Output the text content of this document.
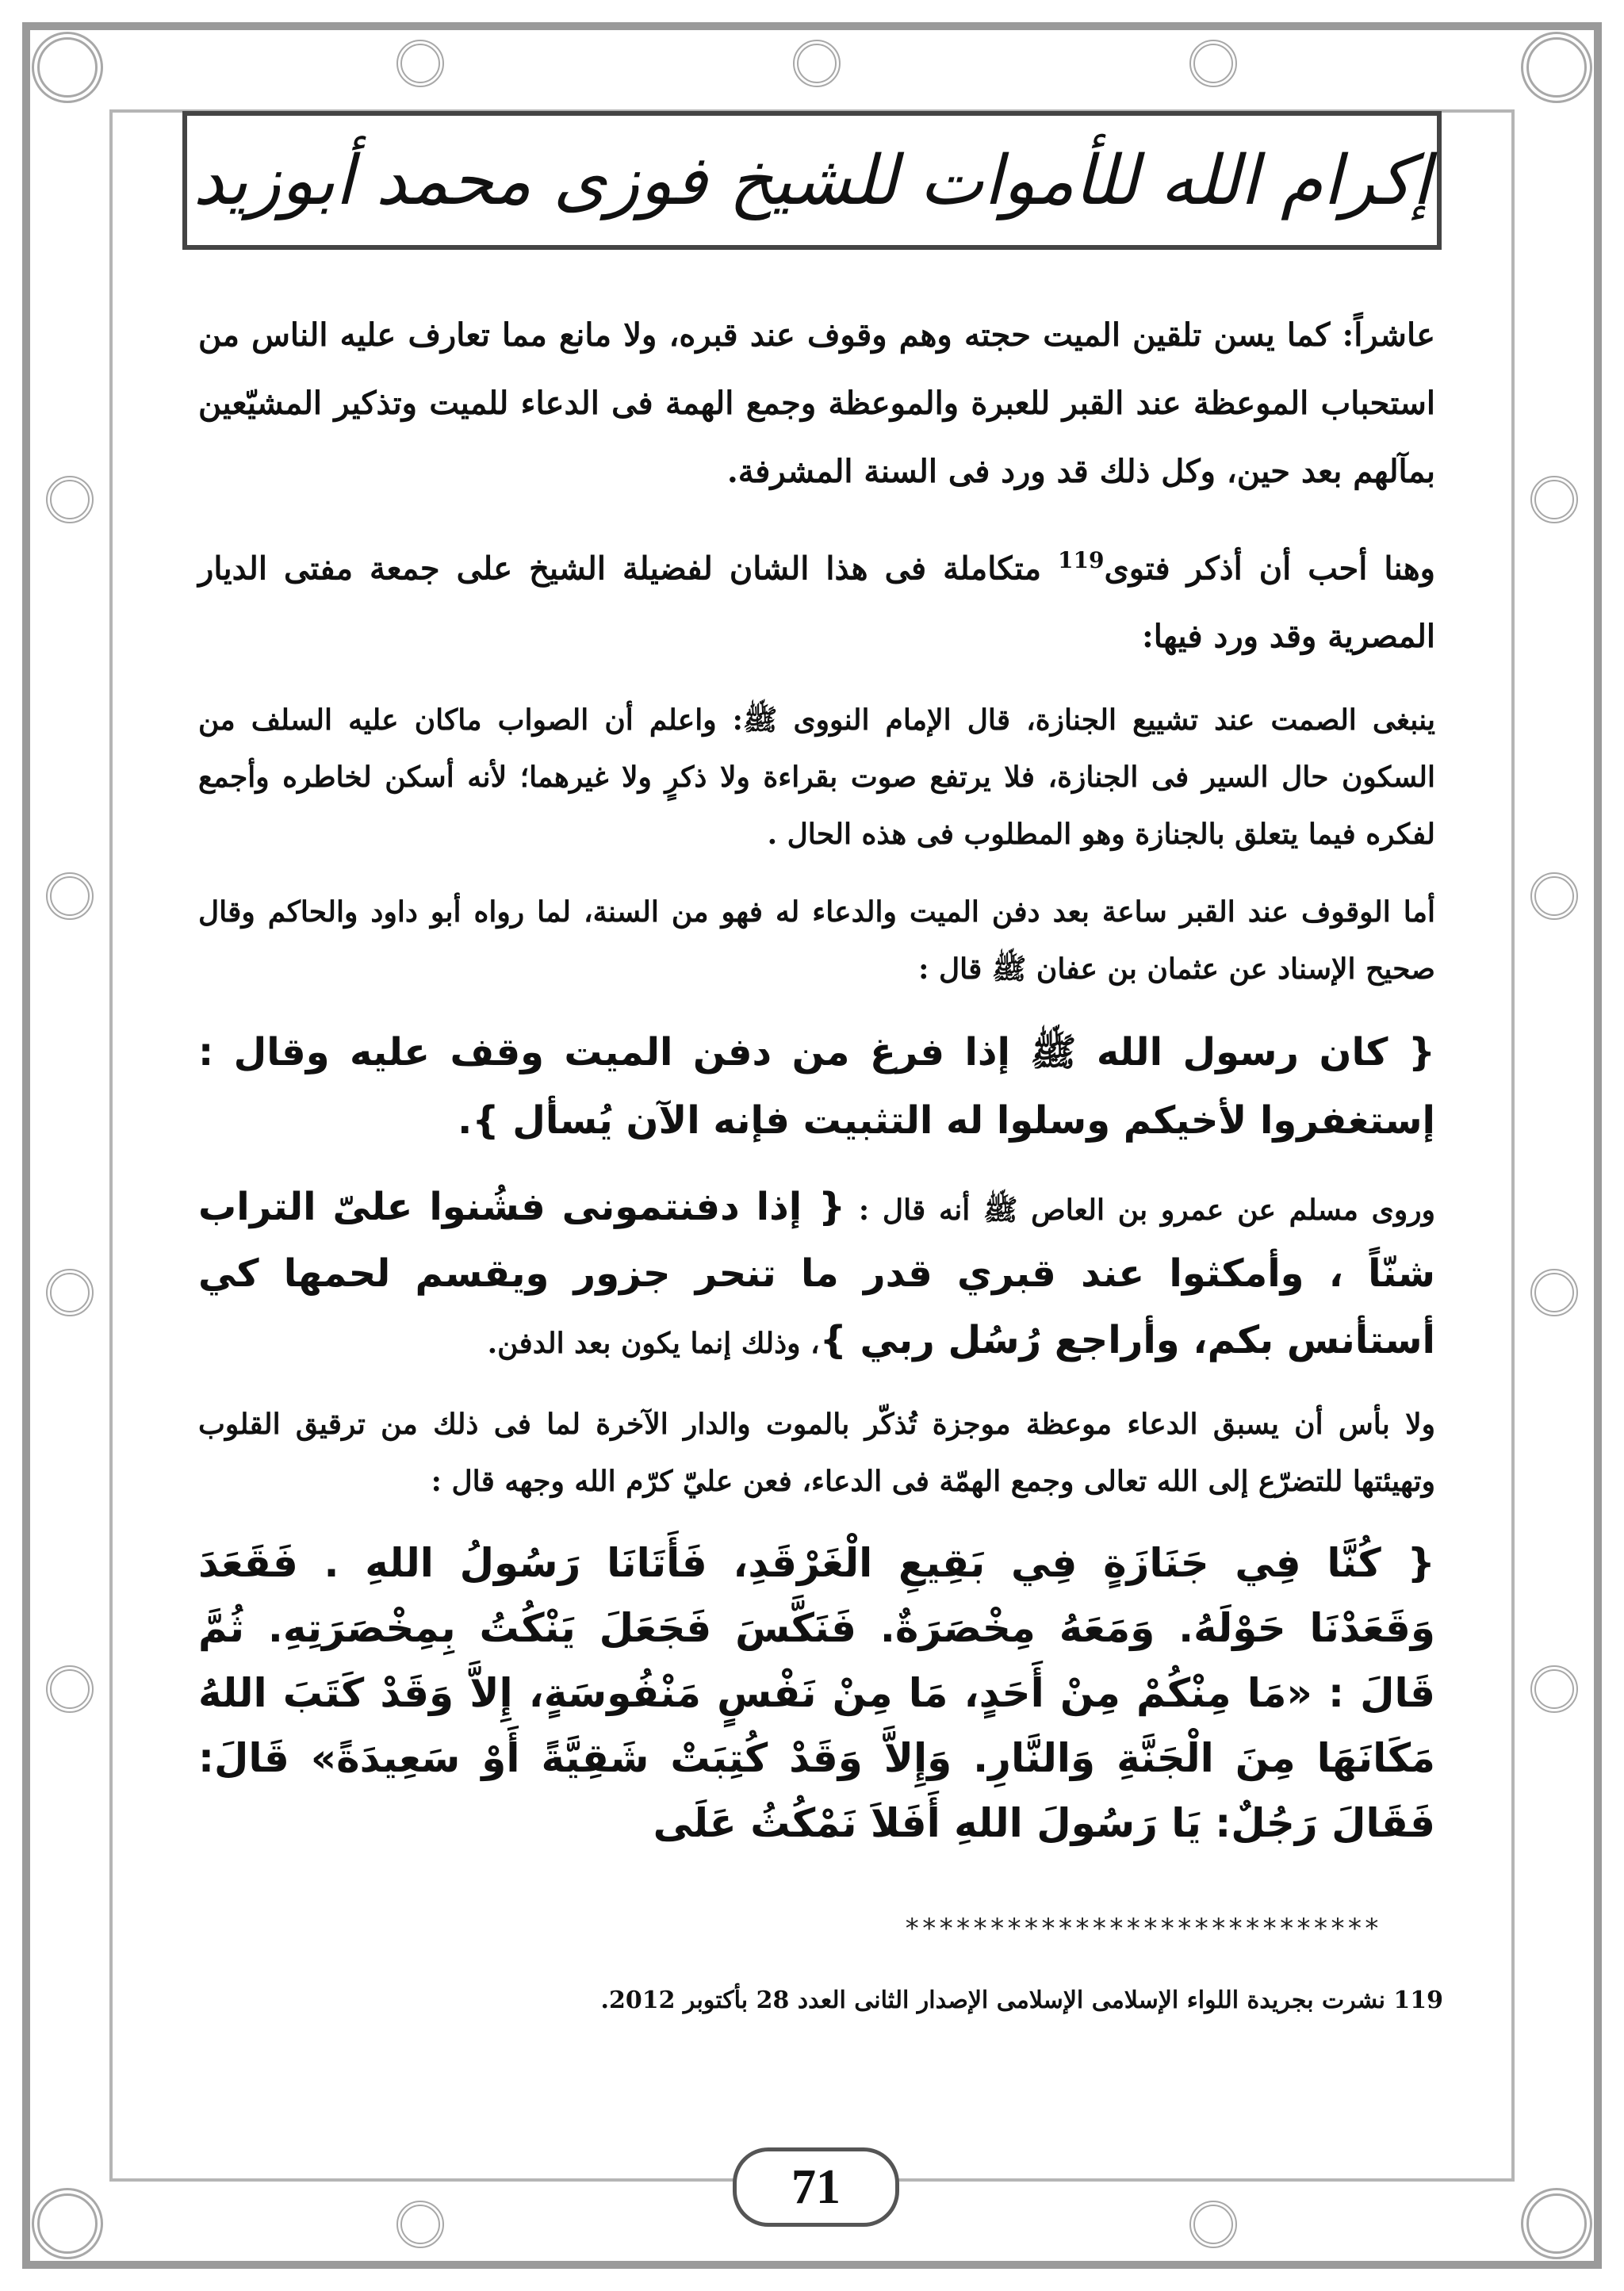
إكرام الله للأموات للشيخ فوزى محمد أبوزيد

عاشراً: كما يسن تلقين الميت حجته وهم وقوف عند قبره، ولا مانع مما تعارف عليه الناس من استحباب الموعظة عند القبر للعبرة والموعظة وجمع الهمة فى الدعاء للميت وتذكير المشيّعين بمآلهم بعد حين، وكل ذلك قد ورد فى السنة المشرفة.

وهنا أحب أن أذكر فتوى$^{119}$ متكاملة فى هذا الشان لفضيلة الشيخ على جمعة مفتى الديار المصرية وقد ورد فيها:

ينبغى الصمت عند تشييع الجنازة، قال الإمام النووى ﷺ: واعلم أن الصواب ماكان عليه السلف من السكون حال السير فى الجنازة، فلا يرتفع صوت بقراءة ولا ذكرٍ ولا غيرهما؛ لأنه أسكن لخاطره وأجمع لفكره فيما يتعلق بالجنازة وهو المطلوب فى هذه الحال .

أما الوقوف عند القبر ساعة بعد دفن الميت والدعاء له فهو من السنة، لما رواه أبو داود والحاكم وقال صحيح الإسناد عن عثمان بن عفان ﷺ قال :

{ كان رسول الله ﷺ إذا فرغ من دفن الميت وقف عليه وقال : إستغفروا لأخيكم وسلوا له التثبيت فإنه الآن يُسأل }.

وروى مسلم عن عمرو بن العاص ﷺ أنه قال : { إذا دفنتمونى فشُنوا علىّ التراب شنّاً ، وأمكثوا عند قبري قدر ما تنحر جزور ويقسم لحمها كي أستأنس بكم، وأراجع رُسُل ربي }، وذلك إنما يكون بعد الدفن.

ولا بأس أن يسبق الدعاء موعظة موجزة تُذكّر بالموت والدار الآخرة لما فى ذلك من ترقيق القلوب وتهيئتها للتضرّع إلى الله تعالى وجمع الهمّة فى الدعاء، فعن عليّ كرّم الله وجهه قال :

{ كُنَّا فِي جَنَازَةٍ فِي بَقِيعِ الْغَرْقَدِ، فَأَتَانَا رَسُولُ اللهِ . فَقَعَدَ وَقَعَدْنَا حَوْلَهُ. وَمَعَهُ مِخْصَرَةٌ. فَنَكَّسَ فَجَعَلَ يَنْكُتُ بِمِخْصَرَتِهِ. ثُمَّ قَالَ : «مَا مِنْكُمْ مِنْ أَحَدٍ، مَا مِنْ نَفْسٍ مَنْفُوسَةٍ، إِلاَّ وَقَدْ كَتَبَ اللهُ مَكَانَهَا مِنَ الْجَنَّةِ وَالنَّارِ. وَإِلاَّ وَقَدْ كُتِبَتْ شَقِيَّةً أَوْ سَعِيدَةً» قَالَ: فَقَالَ رَجُلٌ: يَا رَسُولَ اللهِ أَفَلاَ نَمْكُثُ عَلَى

****************************
119 نشرت بجريدة اللواء الإسلامى الإسلامى الإصدار الثانى العدد 28 بأكتوبر 2012.
71
